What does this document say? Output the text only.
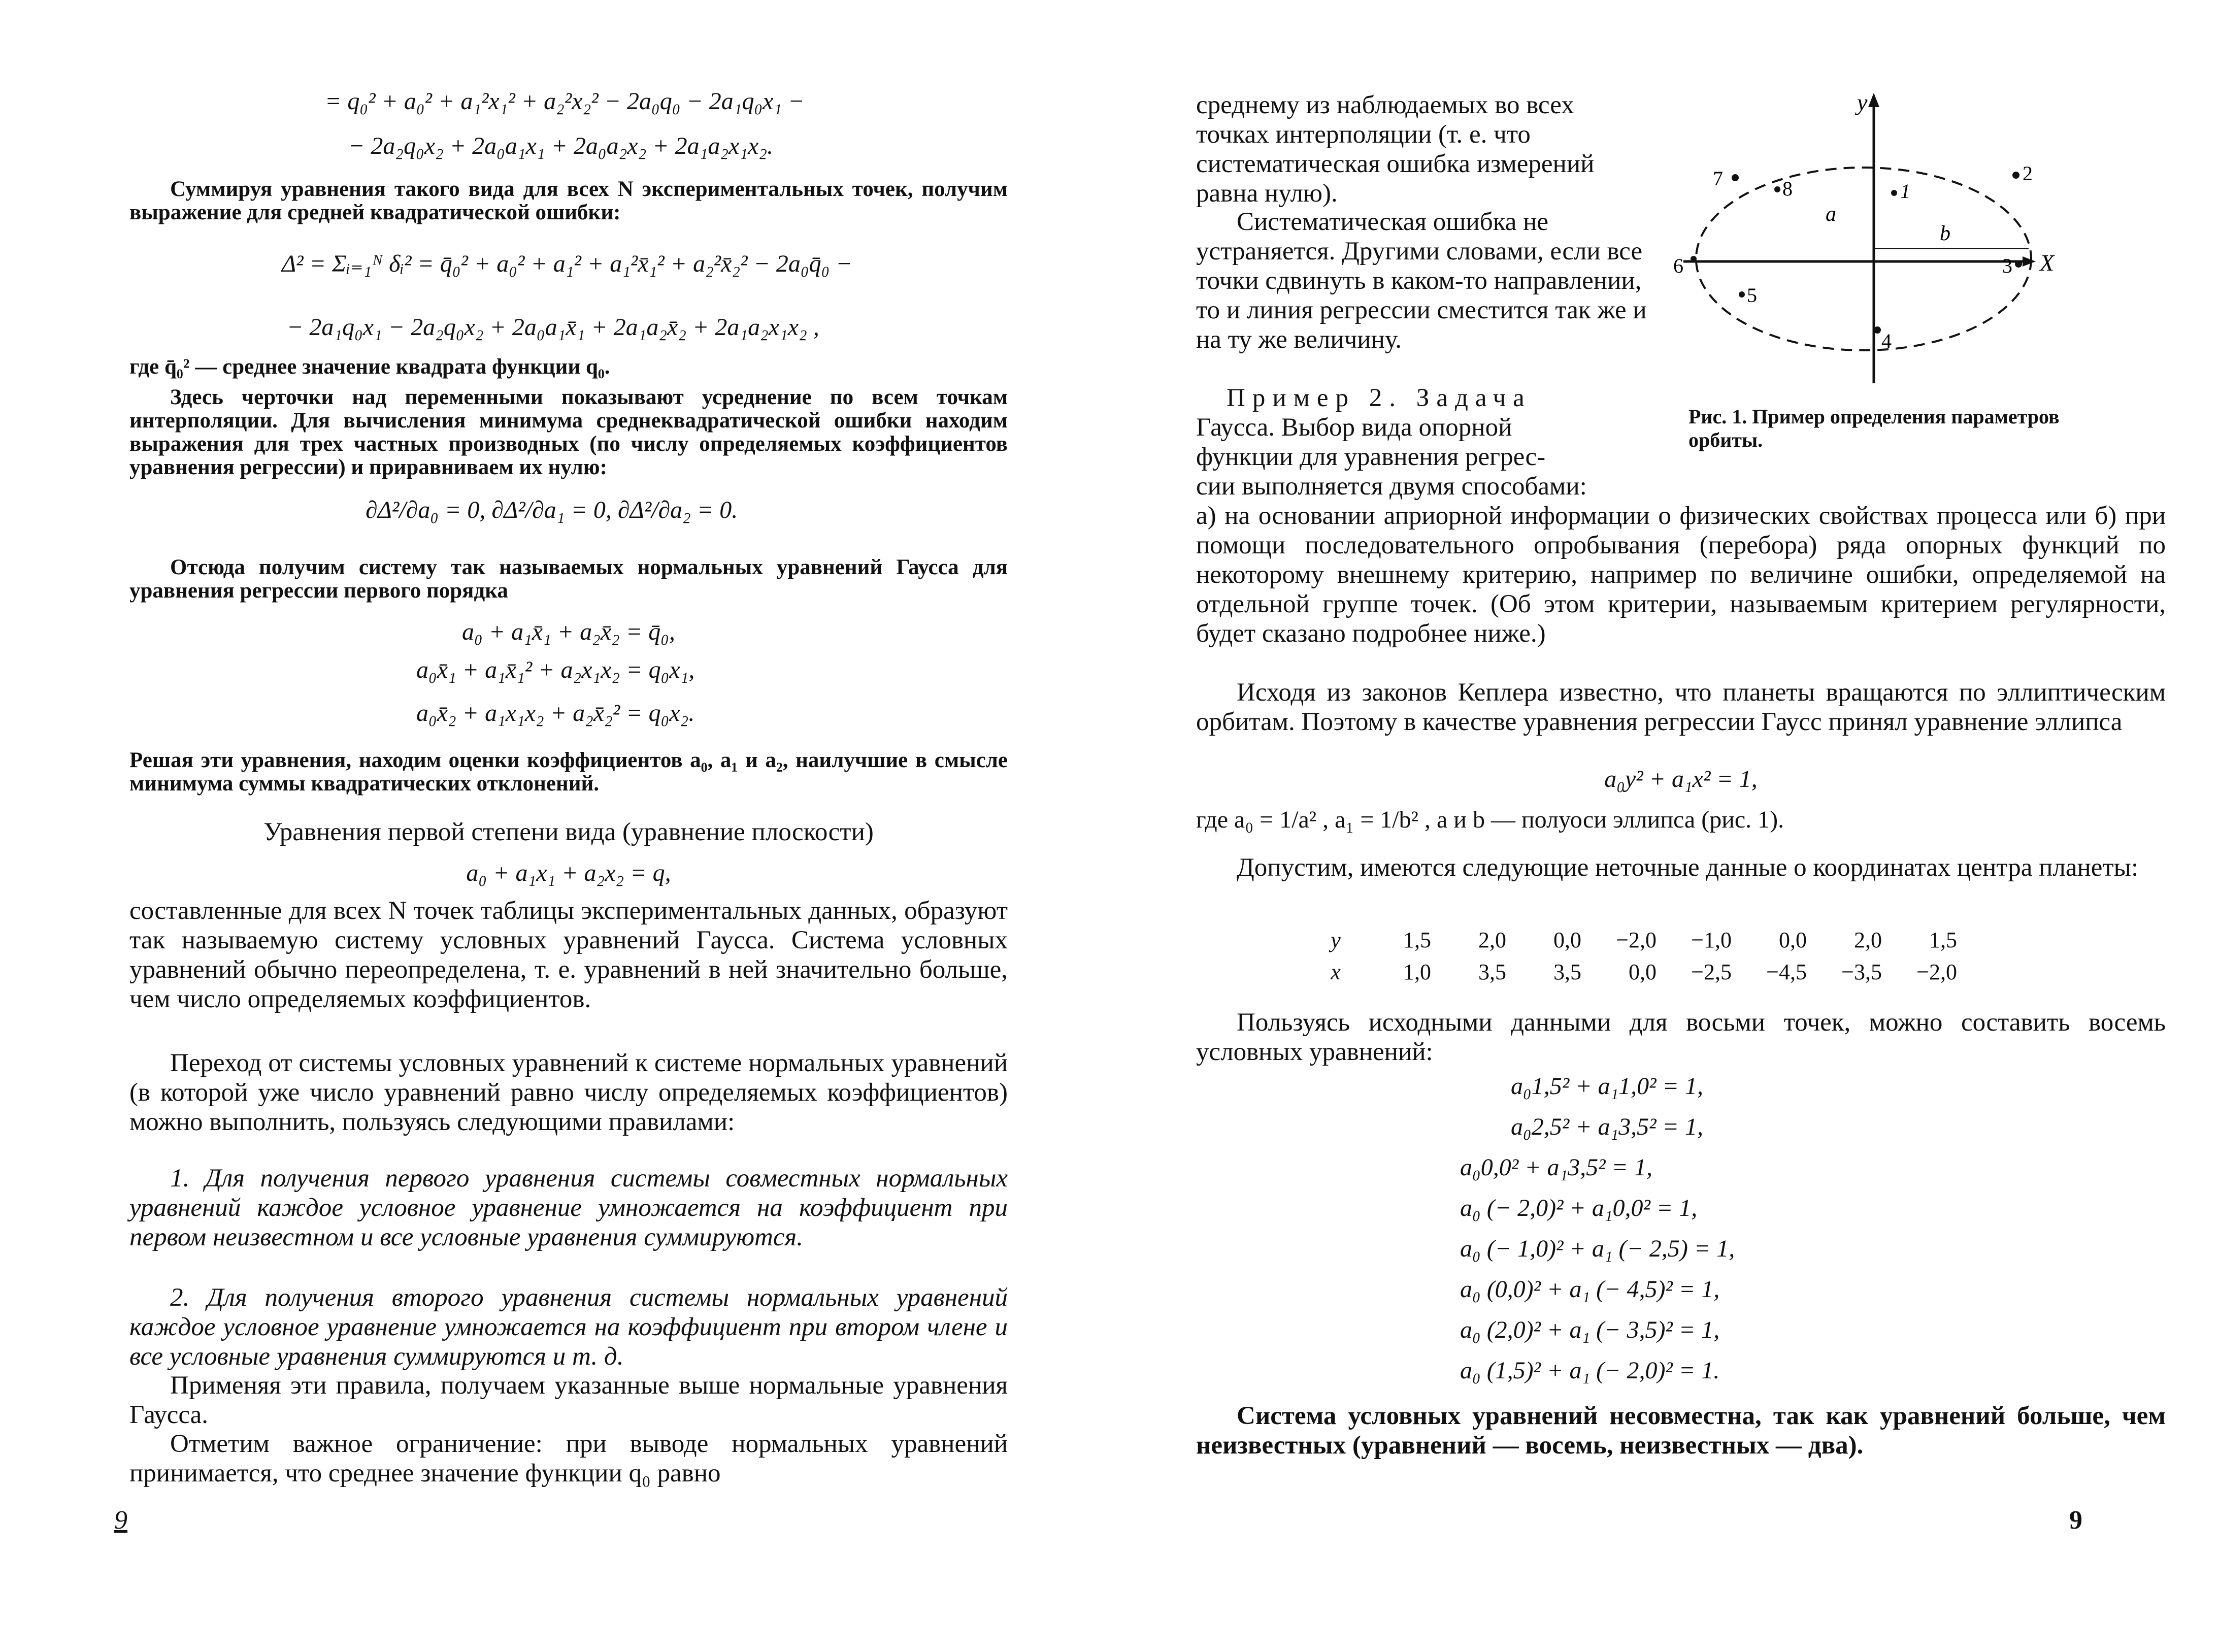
= q₀² + a₀² + a₁²x₁² + a₂²x₂² − 2a₀q₀ − 2a₁q₀x₁ −
− 2a₂q₀x₂ + 2a₀a₁x₁ + 2a₀a₂x₂ + 2a₁a₂x₁x₂.

Суммируя уравнения такого вида для всех N экспериментальных точек, получим выражение для средней квадратической ошибки:

Δ² = Σᵢ₌₁ᴺ δᵢ² = q̄₀² + a₀² + a₁² + a₁²x̄₁² + a₂²x̄₂² − 2a₀q̄₀ −
− 2a₁q₀x₁ − 2a₂q₀x₂ + 2a₀a₁x̄₁ + 2a₁a₂x̄₂ + 2a₁a₂x₁x₂ ,

где q̄₀² — среднее значение квадрата функции q₀.

Здесь черточки над переменными показывают усреднение по всем точкам интерполяции. Для вычисления минимума среднеквадратической ошибки находим выражения для трех частных производных (по числу определяемых коэффициентов уравнения регрессии) и приравниваем их нулю:

∂Δ²/∂a₀ = 0, ∂Δ²/∂a₁ = 0, ∂Δ²/∂a₂ = 0.

Отсюда получим систему так называемых нормальных уравнений Гаусса для уравнения регрессии первого порядка

a₀ + a₁x̄₁ + a₂x̄₂ = q̄₀,
a₀x̄₁ + a₁x̄₁² + a₂x₁x₂ = q₀x₁,
a₀x̄₂ + a₁x₁x₂ + a₂x̄₂² = q₀x₂.

Решая эти уравнения, находим оценки коэффициентов a₀, a₁ и a₂, наилучшие в смысле минимума суммы квадратических отклонений.

Уравнения первой степени вида (уравнение плоскости)
a₀ + a₁x₁ + a₂x₂ = q,

составленные для всех N точек таблицы экспериментальных данных, образуют так называемую систему условных уравнений Гаусса. Система условных уравнений обычно переопределена, т. е. уравнений в ней значительно больше, чем число определяемых коэффициентов.

Переход от системы условных уравнений к системе нормальных уравнений (в которой уже число уравнений равно числу определяемых коэффициентов) можно выполнить, пользуясь следующими правилами:

1. Для получения первого уравнения системы совместных нормальных уравнений каждое условное уравнение умножается на коэффициент при первом неизвестном и все условные уравнения суммируются.

2. Для получения второго уравнения системы нормальных уравнений каждое условное уравнение умножается на коэффициент при втором члене и все условные уравнения суммируются и т. д.

Применяя эти правила, получаем указанные выше нормальные уравнения Гаусса.

Отметим важное ограничение: при выводе нормальных уравнений принимается, что среднее значение функции q₀ равно

9

среднему из наблюдаемых во всех точках интерполяции (т. е. что систематическая ошибка измерений равна нулю).

Систематическая ошибка не устраняется. Другими словами, если все точки сдвинуть в каком-то направлении, то и линия регрессии сместится так же и на ту же величину.

y
X
a
b
1
2
3
4
5
6
7	8

Рис. 1. Пример определения параметров орбиты.

Пример 2. Задача
Гаусса. Выбор вида опорной
функции для уравнения регрес-
сии выполняется двумя способами:

а) на основании априорной информации о физических свойствах процесса или б) при помощи последовательного опробывания (перебора) ряда опорных функций по некоторому внешнему критерию, например по величине ошибки, определяемой на отдельной группе точек. (Об этом критерии, называемым критерием регулярности, будет сказано подробнее ниже.)

Исходя из законов Кеплера известно, что планеты вращаются по эллиптическим орбитам. Поэтому в качестве уравнения регрессии Гаусс принял уравнение эллипса

a₀y² + a₁x² = 1,
где a₀ = 1/a² , a₁ = 1/b² , a и b — полуоси эллипса (рис. 1).

Допустим, имеются следующие неточные данные о координатах центра планеты:

y	1,5	2,0	0,0	−2,0	−1,0	0,0	2,0	1,5
x	1,0	3,5	3,5	0,0	−2,5	−4,5	−3,5	−2,0

Пользуясь исходными данными для восьми точек, можно составить восемь условных уравнений:

a₀1,5² + a₁1,0² = 1,
a₀2,5² + a₁3,5² = 1,
a₀0,0² + a₁3,5² = 1,
a₀ (− 2,0)² + a₁0,0² = 1,
a₀ (− 1,0)² + a₁ (− 2,5) = 1,
a₀ (0,0)² + a₁ (− 4,5)² = 1,
a₀ (2,0)² + a₁ (− 3,5)² = 1,
a₀ (1,5)² + a₁ (− 2,0)² = 1.

Система условных уравнений несовместна, так как уравнений больше, чем неизвестных (уравнений — восемь, неизвестных — два).

9
